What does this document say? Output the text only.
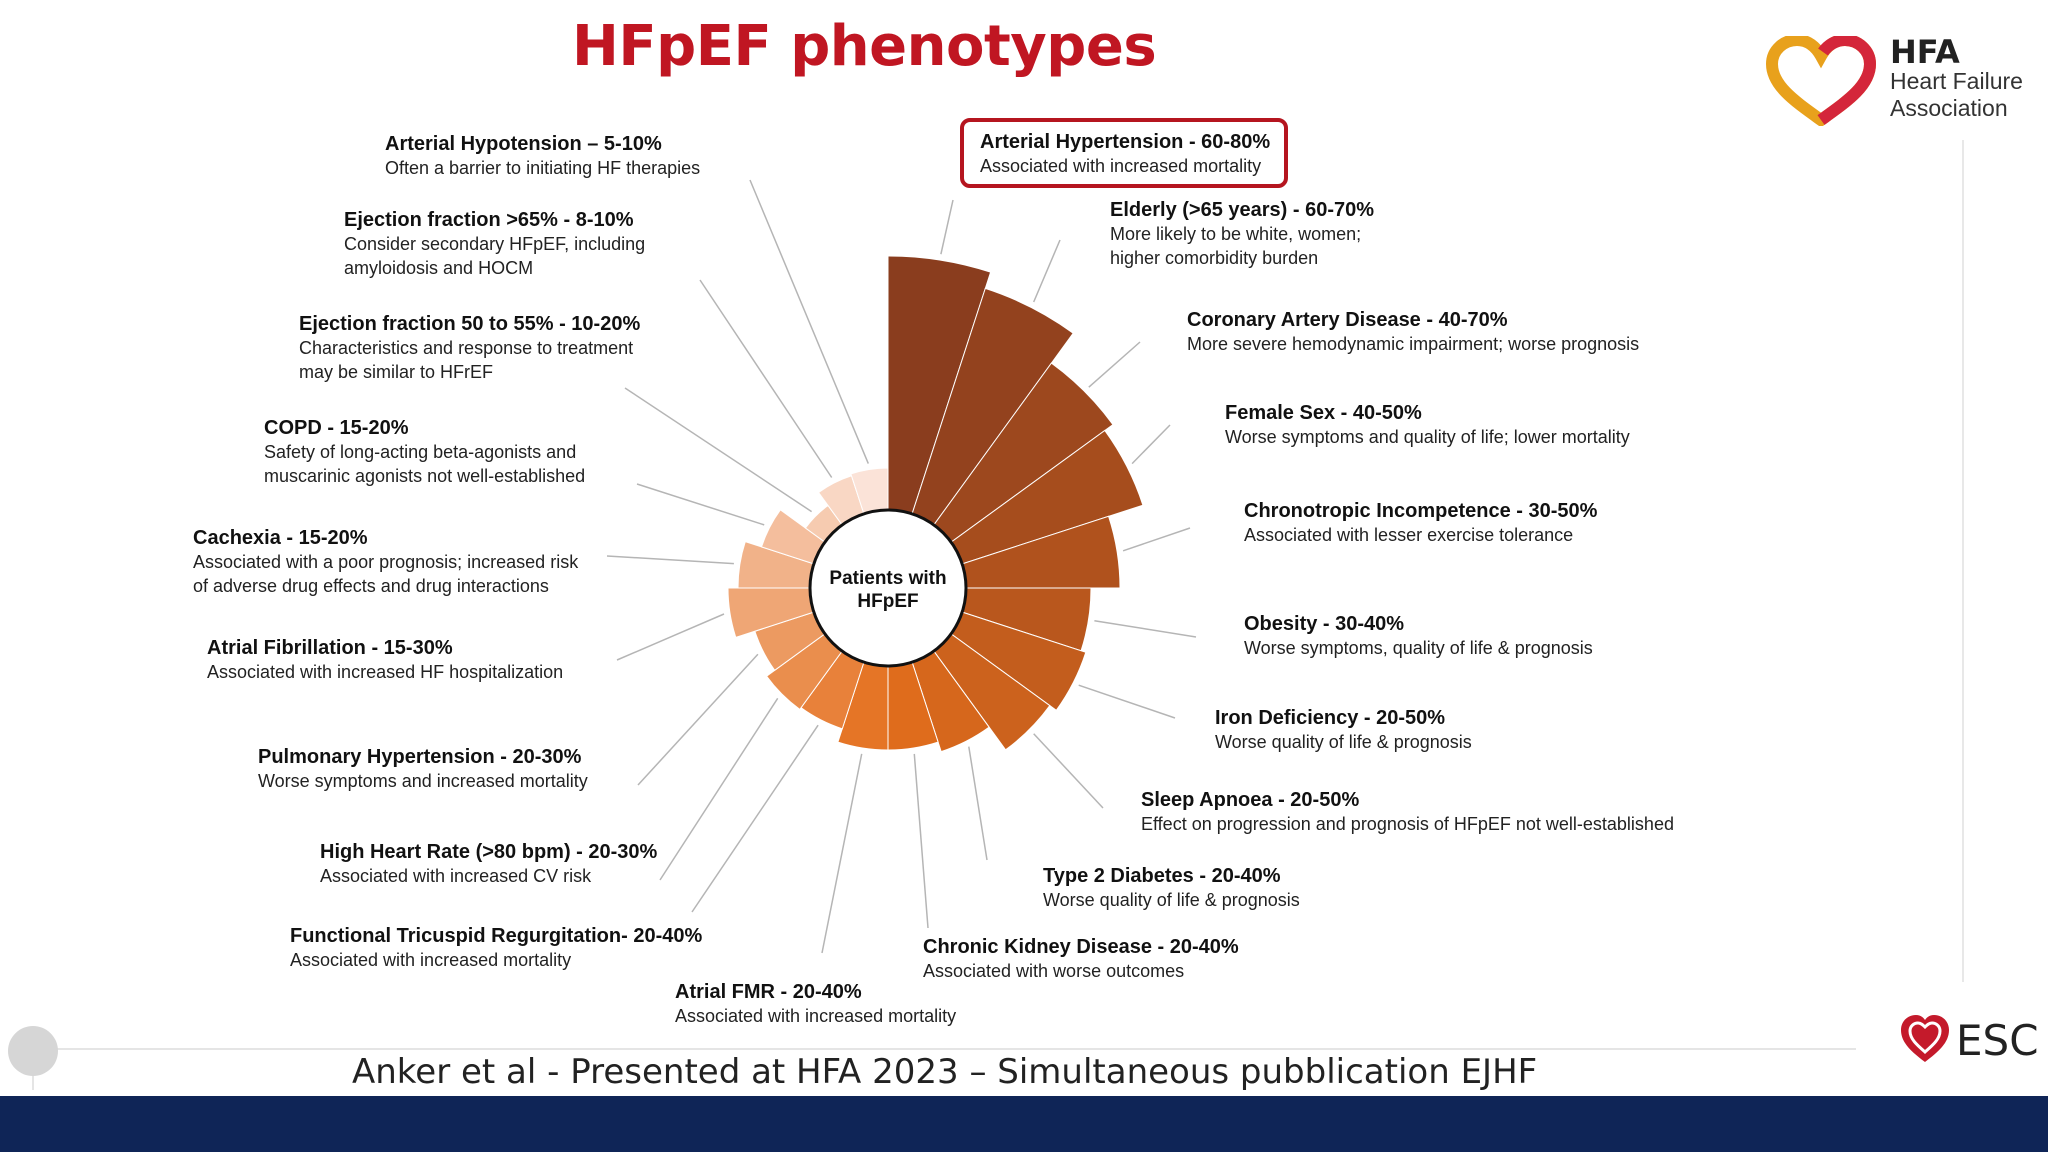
HFpEF phenotypes
Patients with
HFpEF
Arterial Hypertension - 60-80%
Associated with increased mortality
Elderly (>65 years) - 60-70%
More likely to be white, women;
higher comorbidity burden
Coronary Artery Disease - 40-70%
More severe hemodynamic impairment; worse prognosis
Female Sex - 40-50%
Worse symptoms and quality of life; lower mortality
Chronotropic Incompetence - 30-50%
Associated with lesser exercise tolerance
Obesity - 30-40%
Worse symptoms, quality of life & prognosis
Iron Deficiency - 20-50%
Worse quality of life & prognosis
Sleep Apnoea - 20-50%
Effect on progression and prognosis of HFpEF not well-established
Type 2 Diabetes - 20-40%
Worse quality of life & prognosis
Chronic Kidney Disease - 20-40%
Associated with worse outcomes
Atrial FMR - 20-40%
Associated with increased mortality
Functional Tricuspid Regurgitation- 20-40%
Associated with increased mortality
High Heart Rate (>80 bpm) - 20-30%
Associated with increased CV risk
Pulmonary Hypertension - 20-30%
Worse symptoms and increased mortality
Atrial Fibrillation - 15-30%
Associated with increased HF hospitalization
Cachexia - 15-20%
Associated with a poor prognosis; increased risk
of adverse drug effects and drug interactions
COPD - 15-20%
Safety of long-acting beta-agonists and
muscarinic agonists not well-established
Ejection fraction 50 to 55% - 10-20%
Characteristics and response to treatment
may be similar to HFrEF
Ejection fraction >65% - 8-10%
Consider secondary HFpEF, including
amyloidosis and HOCM
Arterial Hypotension – 5-10%
Often a barrier to initiating HF therapies
HFA
Heart Failure
Association
Anker et al - Presented at HFA 2023 – Simultaneous pubblication EJHF
ESC
